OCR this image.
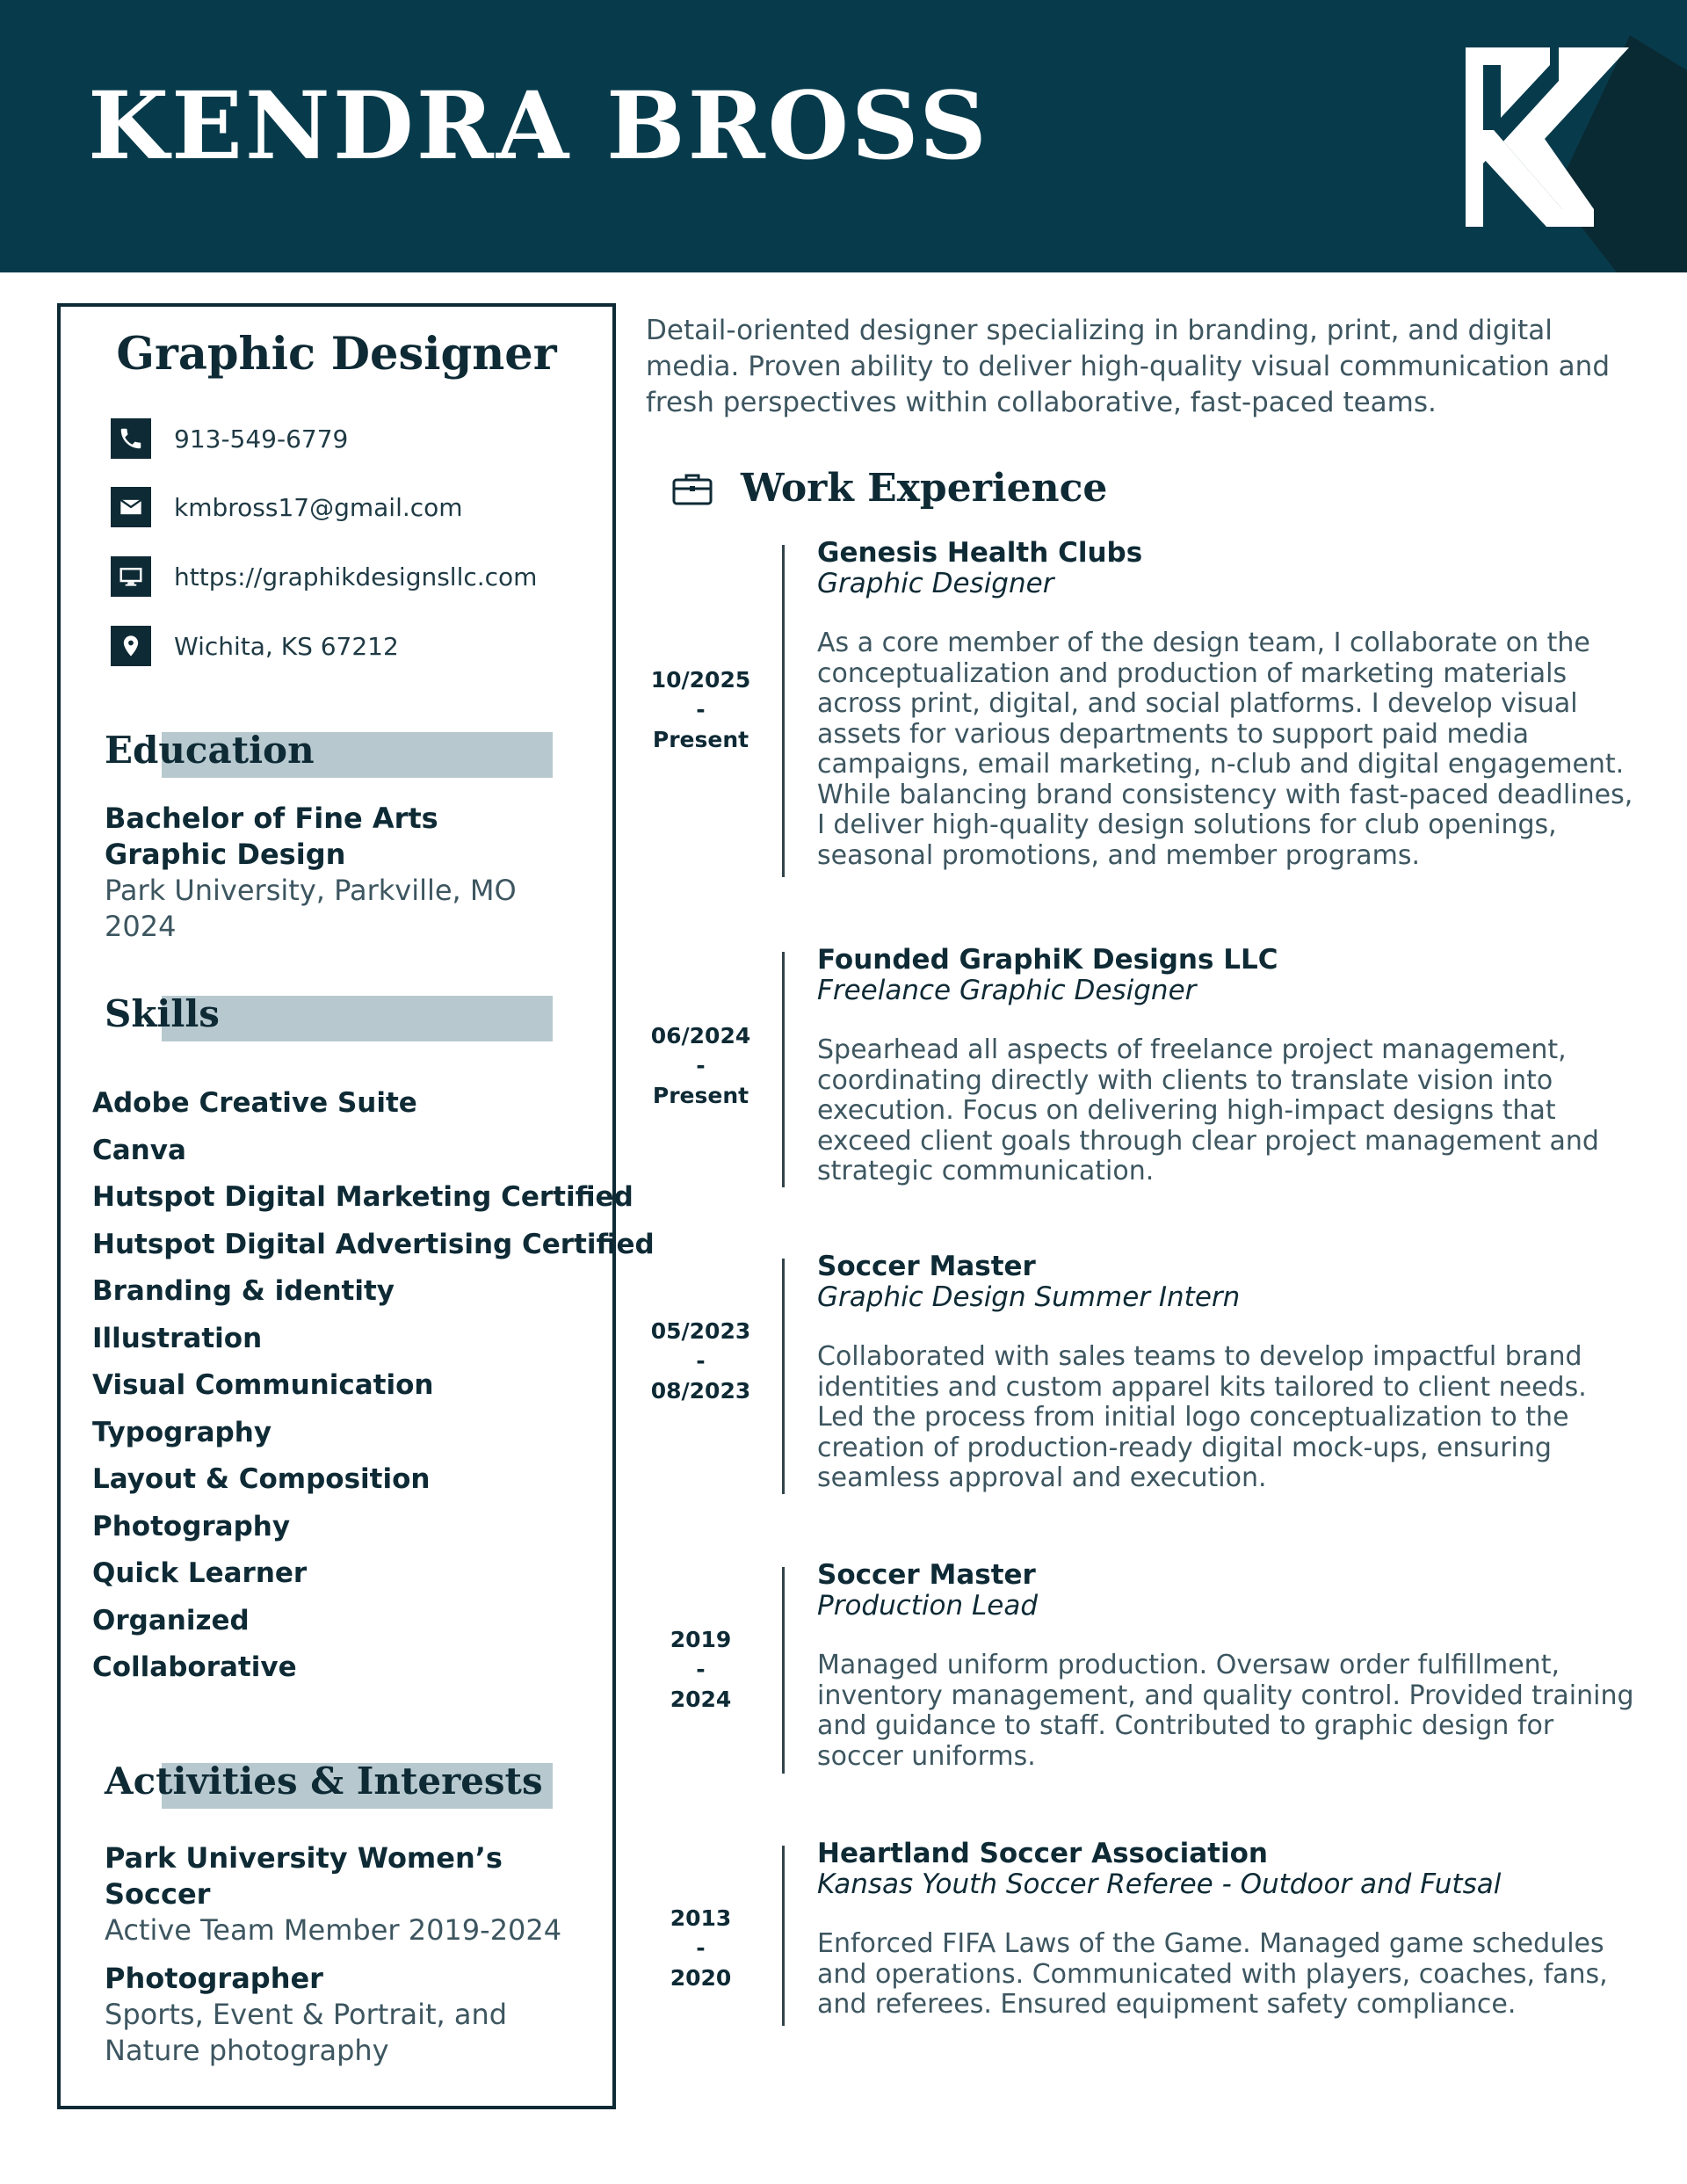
KENDRA BROSS
Graphic Designer
913-549-6779
kmbross17@gmail.com
https://graphikdesignsllc.com
Wichita, KS 67212
Education
Bachelor of Fine Arts
Graphic Design
Park University, Parkville, MO
2024
Skills
Adobe Creative Suite
Canva
Hutspot Digital Marketing Certified
Hutspot Digital Advertising Certified
Branding & identity
Illustration
Visual Communication
Typography
Layout & Composition
Photography
Quick Learner
Organized
Collaborative
Activities & Interests
Park University Women’s Soccer
Active Team Member 2019-2024
Photographer
Sports, Event & Portrait, and
Nature photography

Detail-oriented designer specializing in branding, print, and digital media. Proven ability to deliver high-quality visual communication and fresh perspectives within collaborative, fast-paced teams.

Work Experience
10/2025
-
Present
Genesis Health Clubs
Graphic Designer
As a core member of the design team, I collaborate on the conceptualization and production of marketing materials across print, digital, and social platforms. I develop visual assets for various departments to support paid media campaigns, email marketing, n-club and digital engagement. While balancing brand consistency with fast-paced deadlines, I deliver high-quality design solutions for club openings, seasonal promotions, and member programs.
06/2024
-
Present
Founded GraphiK Designs LLC
Freelance Graphic Designer
Spearhead all aspects of freelance project management, coordinating directly with clients to translate vision into execution. Focus on delivering high-impact designs that exceed client goals through clear project management and strategic communication.
05/2023
-
08/2023
Soccer Master
Graphic Design Summer Intern
Collaborated with sales teams to develop impactful brand identities and custom apparel kits tailored to client needs. Led the process from initial logo conceptualization to the creation of production-ready digital mock-ups, ensuring seamless approval and execution.
2019
-
2024
Soccer Master
Production Lead
Managed uniform production. Oversaw order fulfillment, inventory management, and quality control. Provided training and guidance to staff. Contributed to graphic design for soccer uniforms.
2013
-
2020
Heartland Soccer Association
Kansas Youth Soccer Referee - Outdoor and Futsal
Enforced FIFA Laws of the Game. Managed game schedules and operations. Communicated with players, coaches, fans, and referees. Ensured equipment safety compliance.
